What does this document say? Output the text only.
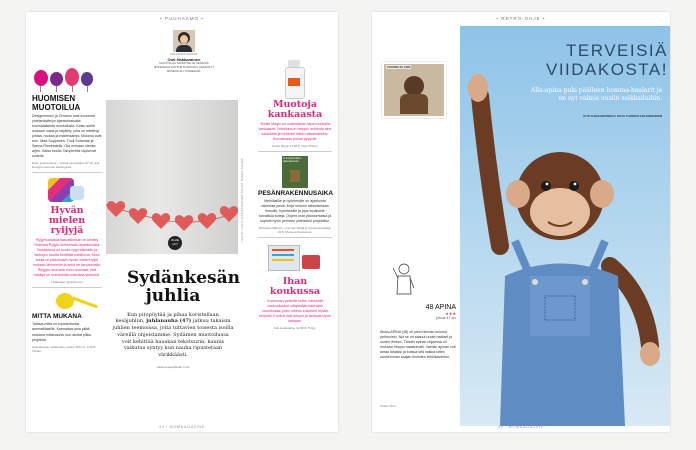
• PUUHAAMO •
PALSTAN KOONNUT
Outi Hakkarainen
MUOTOILIJA SANNOTELLE KESÄISIÄ MATERIAALITUOTTEITA KESÄÄN. KESÄNÄYT MUMMOLAN TUNNELMIA.
HUOMISEN MUOTOILUA

Designmuseo ja Ornamo ovat koonneet yhteisnäyttelyn ajankohtaisista suomalaisesta muotoilusta. Katso siellä mukaan uusia ja näyttely, joka on miettinyt juhlaa, ruokaa ja materiaaleja. Mukana ovat mm. Ilkka Suppanen, Tuuli Sotamaa ja Sanna Rinneadelle. Ota mukaan ideoita arjen. Katso kesän Tamperella rapisevat uudelle.

Eetu- ja Ensinanni – Huolia Innovaation 27.10. asti Designmuseossa Helsingissä.

Hyvän mielen ryijyjä

Ryijymuotoilua kasviaiheisiin on kerätty Yhdessä Ryijyin kutsumalla tapahtumalla. Tavoitteena on tuoda ryijyt elämään ja lankojen kautta herättää mielikuvia. Moni tekijä on pikkuruiset hyvän mielen ryijyt mukaan lähimmille ja antoi ne tarvitsevalle. Ryijyjen ansiosta moni huomasi, että käsityö on mahdollista toteuttaa yhdessä.

Lisätietoja ryijylehti.com

MITTA MUKANA

Taitava mitta on rupeamiseksi ammattilaisille. Kannattaa aina pitää mukana mittanauha, kun aloitat pikku projektia.

Ananaskuvio mittanauha, pituus 150 cm, 2,90 €, Tiimari.

OHJE
(47)
Sydänkesän juhlia

Kun pitopöytää ja pihaa koristellaan kesäjuhliin, juhlanauha (47) jatkuu takaisin juhlien teemoissa, joita tuttavien toisesta isoilla väreillä ohjeistamme. Sydämen muotoilussa voit kehittää hauskan tekstuurin, kaunis vaikutus syntyy kun nauha ripustetaan värikkäästi.

Valokuvaaja/Studio Tuuli

TEKSTI OUTI HAKKARAINEN KUVAT MISKA SUOMI
Muotoja kankaasta

Textile Magic on uudenlainen tapa muotoilla kankaasta. Tekniikka on helppo: suihkuta aine kankaalle ja muotoile käsin haluamaksesi. Kuivuttuaan pinnat pysyvät.

Textile Magic 11,90 €, Clas Ohlson.

Linnunpönttöjen rakentaminen
PESÄNRAKENNUSAIKA

Mehiläisille ja hyönteisille on ajankohta rakentaa pesiä. Kirja neuvoo rakentamaan linnuille, hyönteisille ja jopa lepakoille turvallisia koteja. Ohjeet ovat yksinkertaisia ja sopivat hyvin perheen yhteiseksi projektiksi.

Michaela Mäkinen: Linnunpönttöjä ja hyönteishotelleja, 22 €, Moreeni Kustannus.

Ihan koukussa

Kudonnan ystäville uutta: värikkäät virkkuukoukut säilytetään kätevästi lokerikossa, joten oikean kokoisen löytää helposti. Koukut ovat kevyet ja tarttuvat hyvin lankaan.

Knit-koukusarja, 12,90 €, Titityy.

44 · MOMAAGAZINE
• RETRO-OHJE •
VUODELTA 1980
TERVEISIÄ VIIDAKOSTA!
Allu-apina puki päälleen homma-haalarit ja on nyt valmis uusiin seikkailuihin.
OUTI HAKKARAINEN // KUVA TUOMAS KOLEHMAINEN
48 APINA
★★★
pituus 47 cm

Aluksi APINA (48) oli pieni hieman kulunut pehmolelu. Nyt se on saanut uudet haalarit ja uuden ilmeen. Tämän apinan ohjeessa on mukana helppo haalarimalli. Valmiin apinan voit antaa lahjaksi ja kutsua sitä vaikka sitten vanhemman saajan ihmisten leikkikaveriksi.

Studio Tiimi

45 · MOMAAGAZINE
